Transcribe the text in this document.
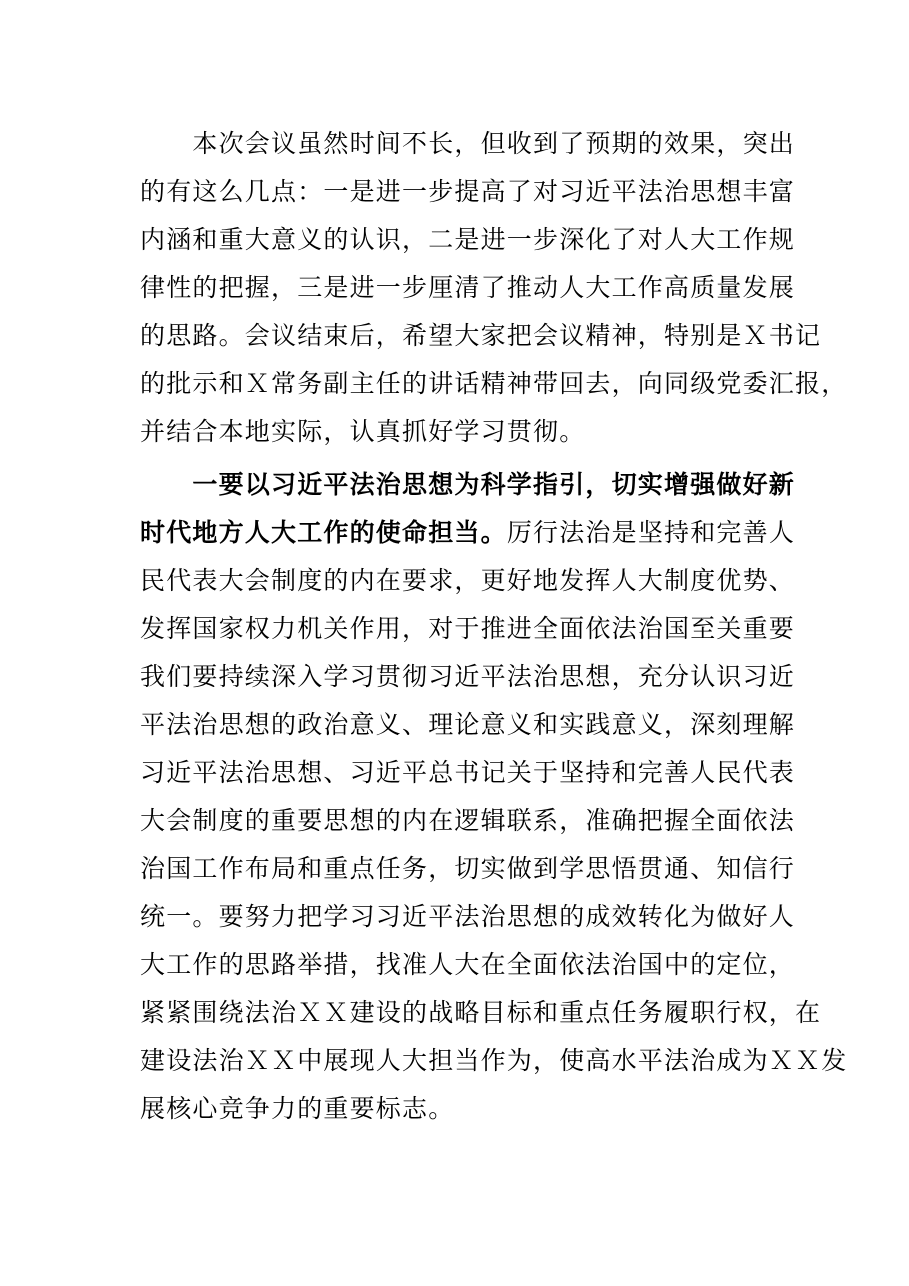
　　本次会议虽然时间不长，但收到了预期的效果，突出
的有这么几点：一是进一步提高了对习近平法治思想丰富
内涵和重大意义的认识，二是进一步深化了对人大工作规
律性的把握，三是进一步厘清了推动人大工作高质量发展
的思路。会议结束后，希望大家把会议精神，特别是Ｘ书记
的批示和Ｘ常务副主任的讲话精神带回去，向同级党委汇报，
并结合本地实际，认真抓好学习贯彻。
　　一要以习近平法治思想为科学指引，切实增强做好新
时代地方人大工作的使命担当。厉行法治是坚持和完善人
民代表大会制度的内在要求，更好地发挥人大制度优势、
发挥国家权力机关作用，对于推进全面依法治国至关重要
我们要持续深入学习贯彻习近平法治思想，充分认识习近
平法治思想的政治意义、理论意义和实践意义，深刻理解
习近平法治思想、习近平总书记关于坚持和完善人民代表
大会制度的重要思想的内在逻辑联系，准确把握全面依法
治国工作布局和重点任务，切实做到学思悟贯通、知信行
统一。要努力把学习习近平法治思想的成效转化为做好人
大工作的思路举措，找准人大在全面依法治国中的定位，
紧紧围绕法治ＸＸ建设的战略目标和重点任务履职行权，在
建设法治ＸＸ中展现人大担当作为，使高水平法治成为ＸＸ发
展核心竞争力的重要标志。
